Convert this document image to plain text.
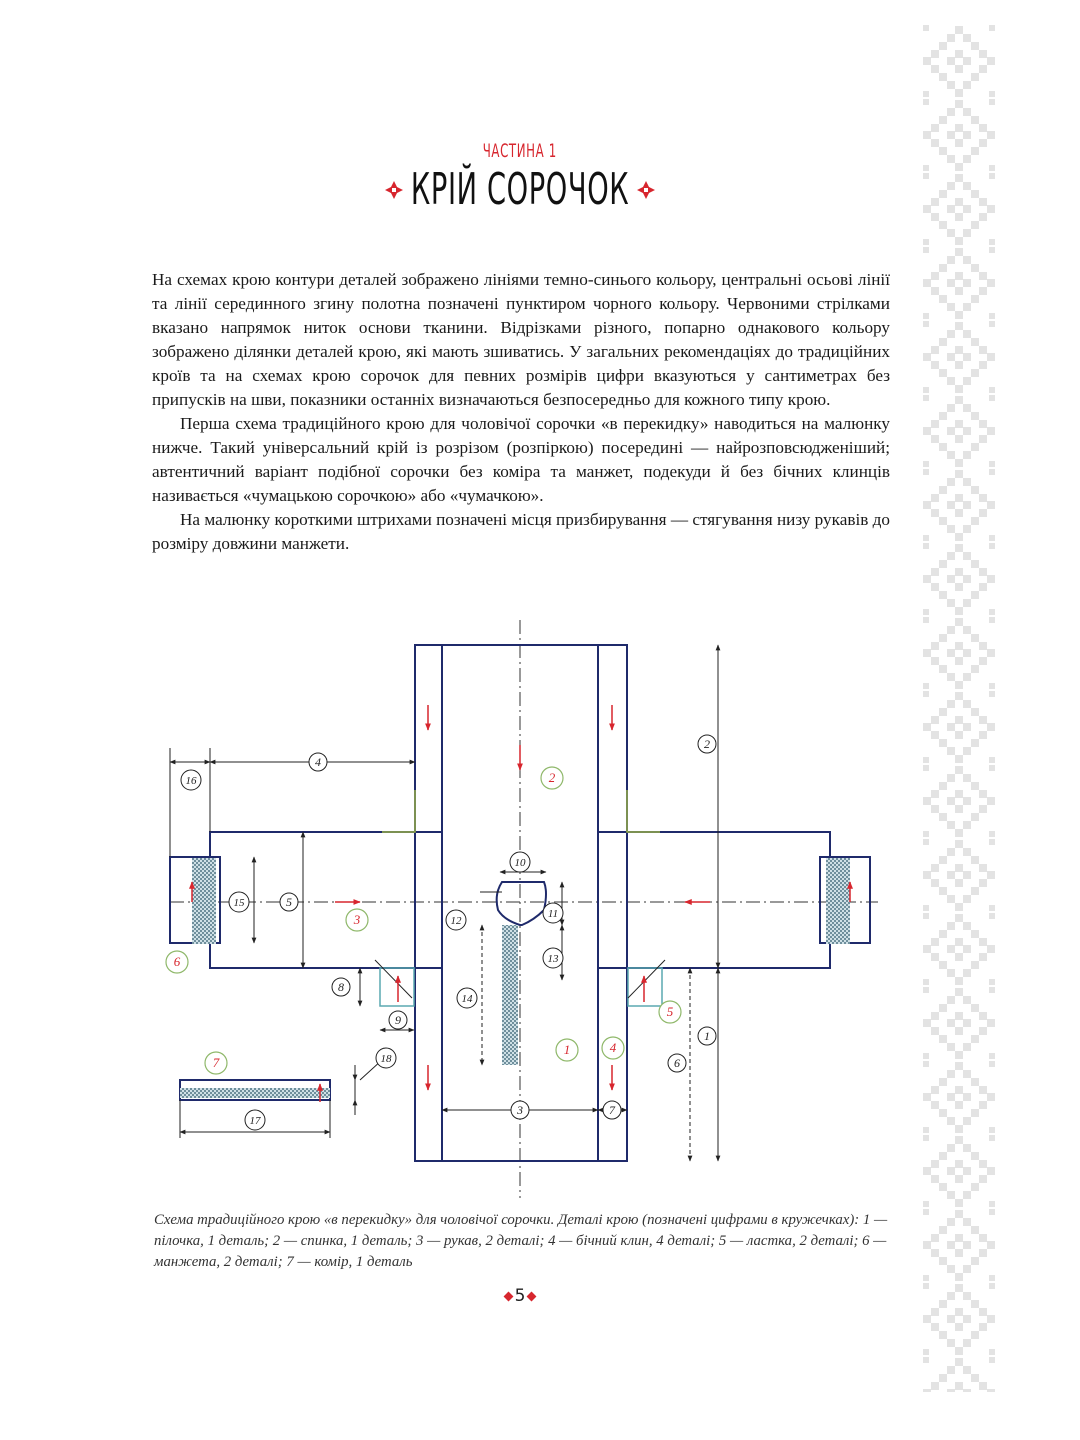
ЧАСТИНА 1
КРІЙ СОРОЧОК

На схемах крою контури деталей зображено лініями темно-синього кольору, центральні осьові лінії та лінії серединного згину полотна позначені пунктиром чорного кольору. Червоними стрілками вказано напрямок ниток основи тканини. Відрізками різного, попарно однакового кольору зображено ділянки деталей крою, які мають зшиватись. У загальних рекомендаціях до традиційних кроїв та на схемах крою сорочок для певних розмірів цифри вказуються у сантиметрах без припусків на шви, показники останніх визначаються безпосередньо для кожного типу крою.

Перша схема традиційного крою для чоловічої сорочки «в перекидку» наводиться на малюнку нижче. Такий універсальний крій із розрізом (розпіркою) посередині — найрозповсюдженіший; автентичний варіант подібної сорочки без коміра та манжет, подекуди й без бічних клинців називається «чумацькою сорочкою» або «чумачкою».

На малюнку короткими штрихами позначені місця призбирування — стягування низу рукавів до розміру довжини манжети.

2
1
3
4
5
6
7
8
9
10
11
12
13
14
15
16
17
18
1
2
3
4
5
6
7
Схема традиційного крою «в перекидку» для чоловічої сорочки. Деталі крою (позначені цифрами в кружечках): 1 — пілочка, 1 деталь; 2 — спинка, 1 деталь; 3 — рукав, 2 деталі; 4 — бічний клин, 4 деталі; 5 — ластка, 2 деталі; 6 — манжета, 2 деталі; 7 — комір, 1 деталь
5
